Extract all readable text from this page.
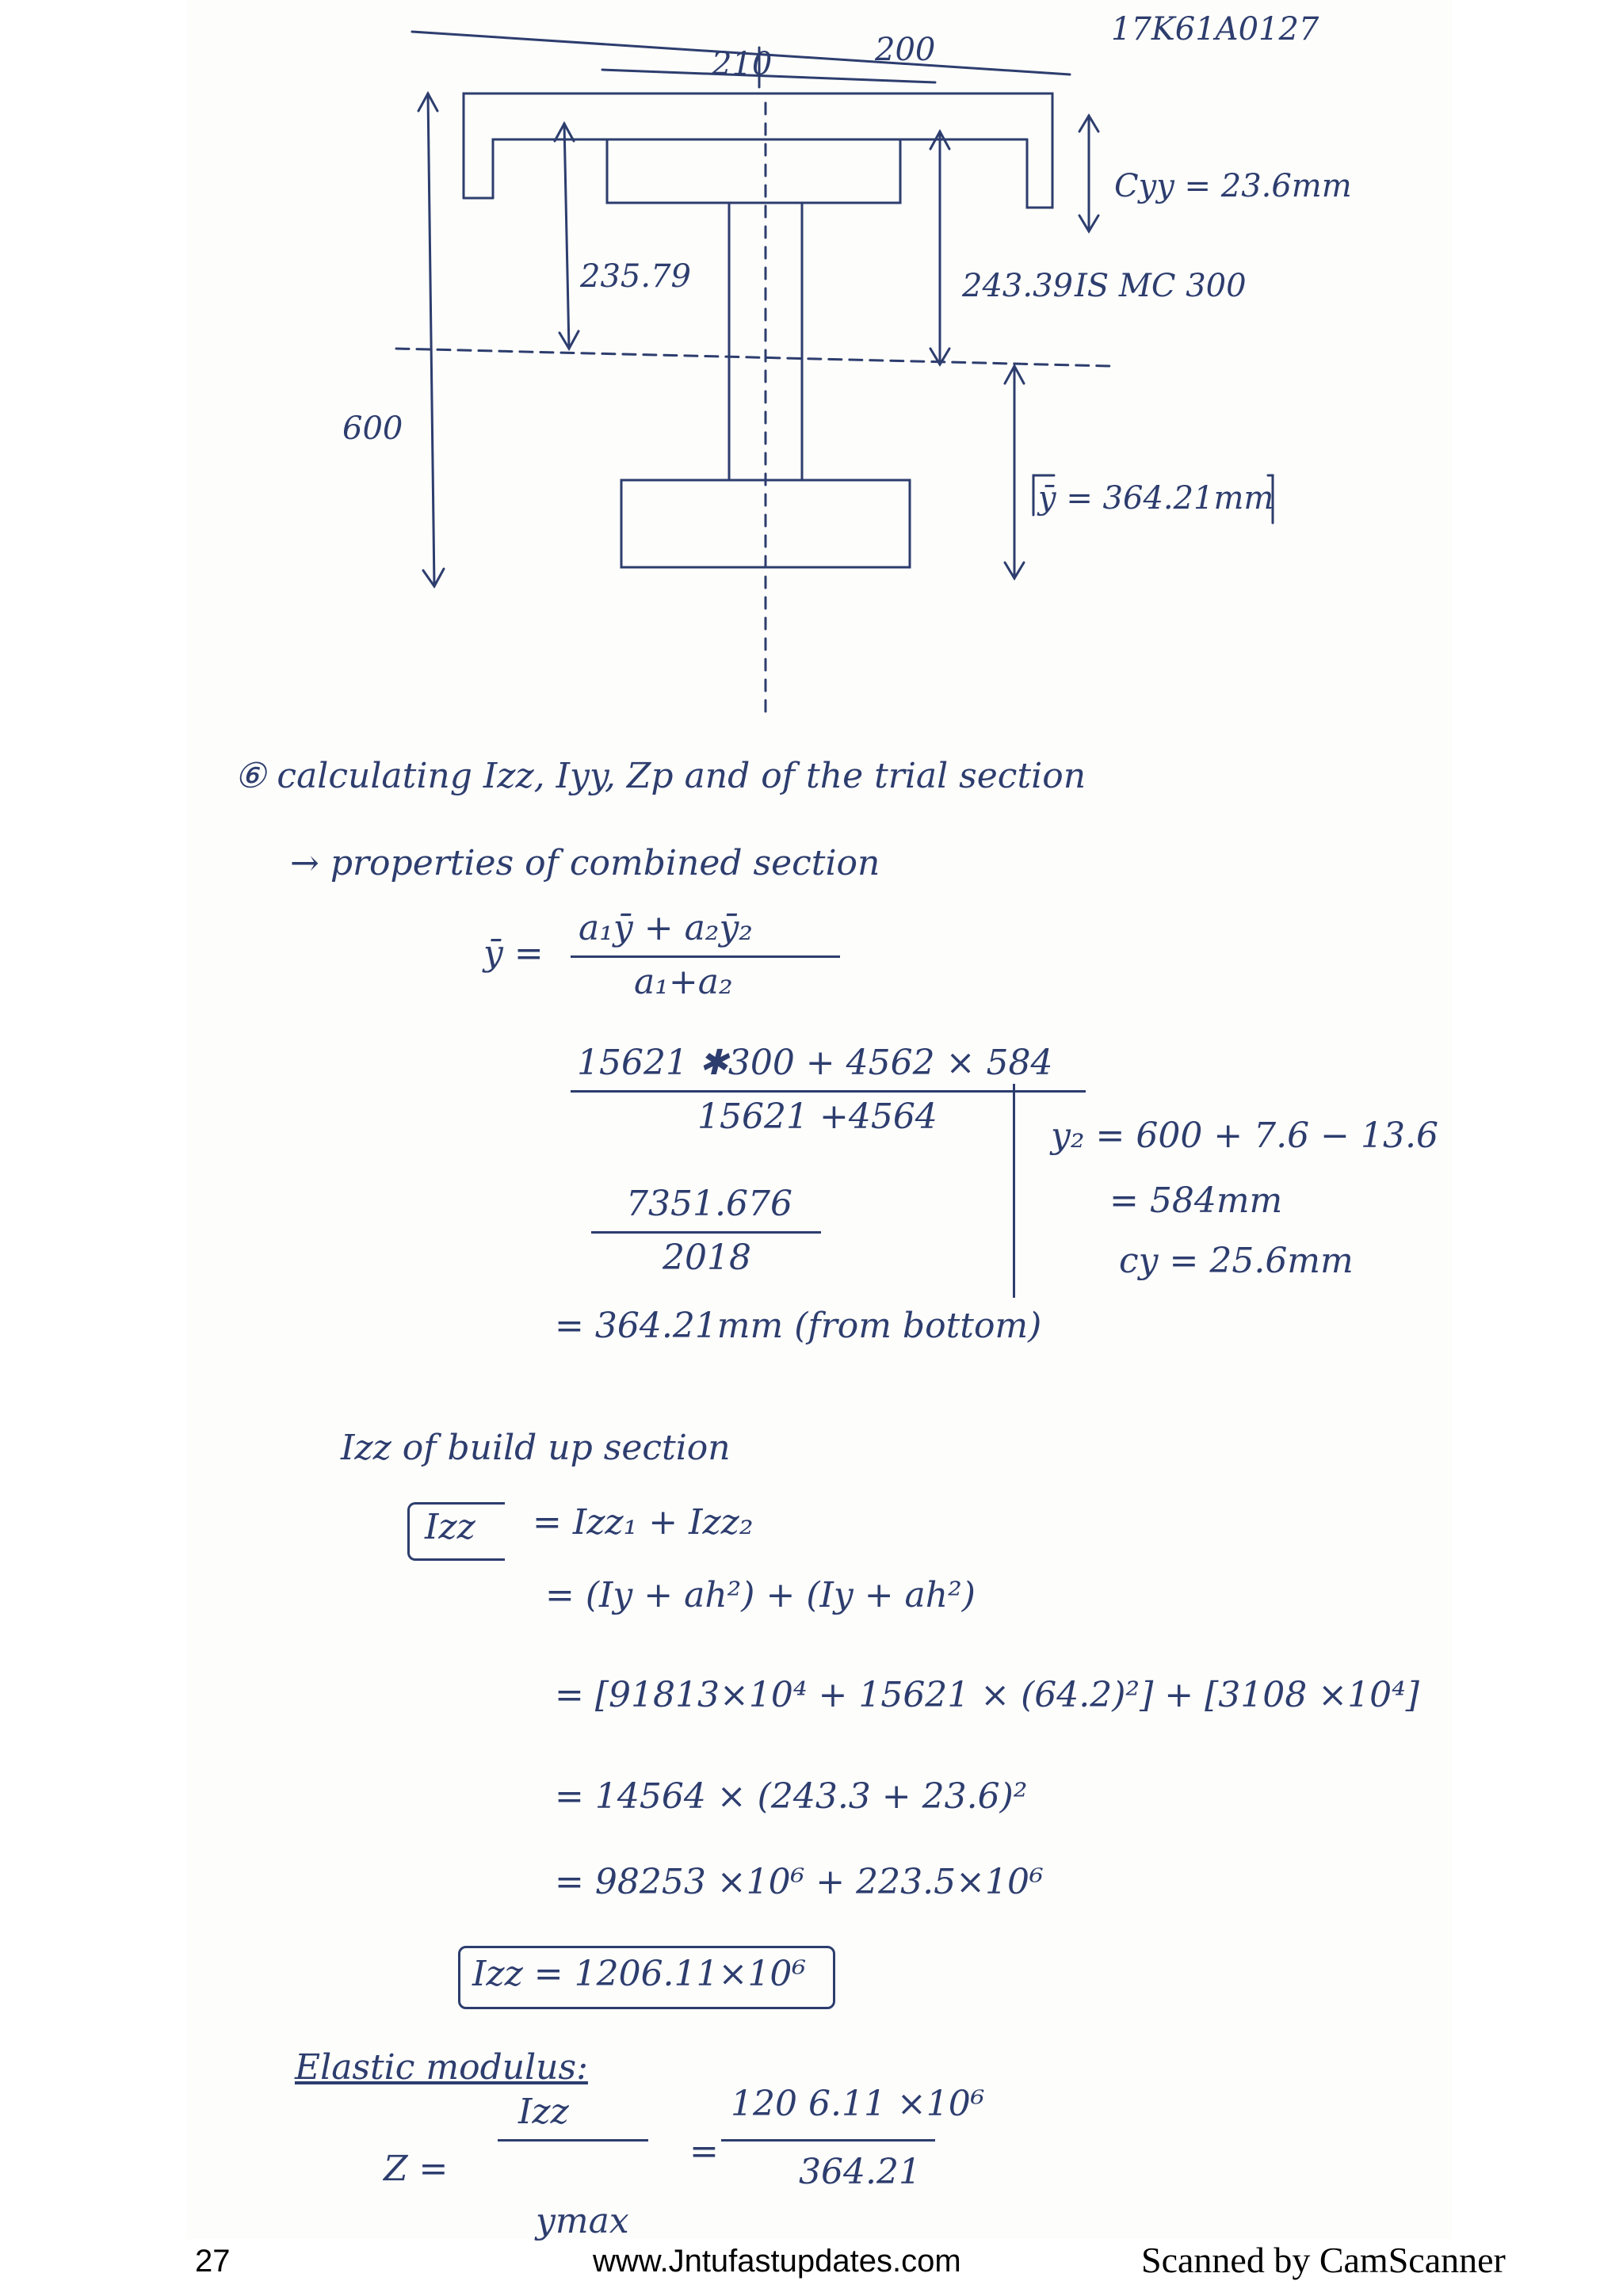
17K61A0127
210	200
Cyy = 23.6mm
235.79	243.39 IS MC 300
600
ȳ = 364.21mm
⑥ calculating Izz, Iyy, Zp and of the trial section
→ properties of combined section
ȳ =
a₁ȳ + a₂ȳ₂
a₁+a₂
15621 ✱300 + 4562 × 584
15621 +4564
7351.676
2018
= 364.21mm (from bottom)
y₂ = 600 + 7.6 − 13.6
= 584mm
cy = 25.6mm
Izz of build up section
Izz = Izz₁ + Izz₂
= (Iy + ah²) + (Iy + ah²)
= [91813×10⁴ + 15621 × (64.2)²] + [3108 ×10⁴]
= 14564 × (243.3 + 23.6)²
= 98253 ×10⁶ + 223.5×10⁶
Izz = 1206.11×10⁶
Elastic modulus:
Z =
Izz
ymax
=
120 6.11 ×10⁶
364.21
27	www.Jntufastupdates.com	Scanned by CamScanner
